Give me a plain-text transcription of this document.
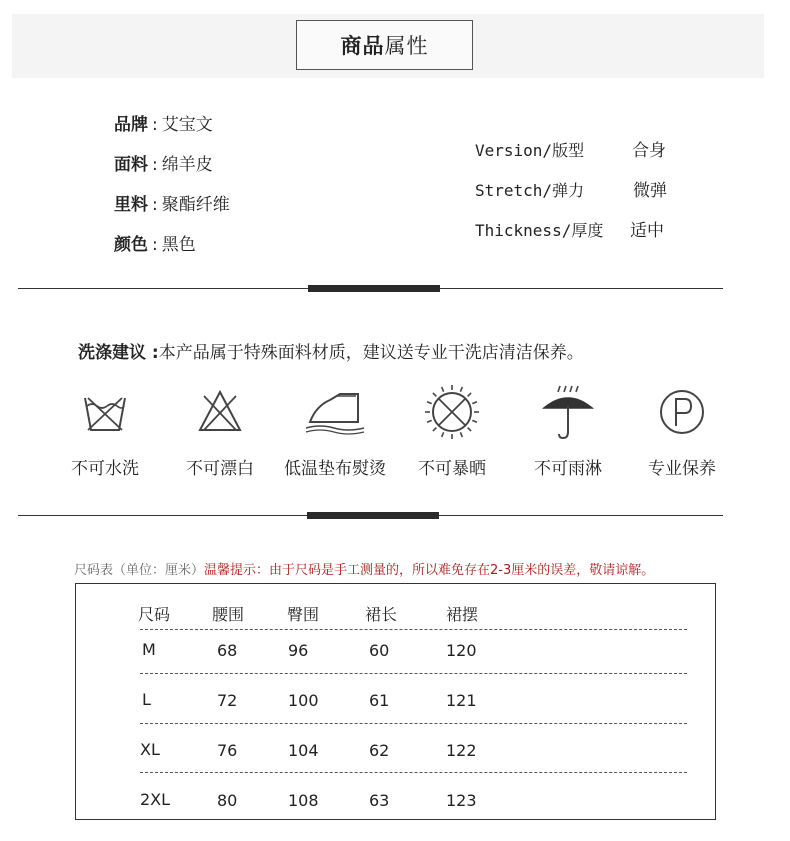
商品 属性
品牌 : 艾宝文
面料 : 绵羊皮
里料 : 聚酯纤维
颜色 : 黑色
Version/版型	合身
Stretch/弹力	微弹
Thickness/厚度 适中
洗涤建议 :本产品属于特殊面料材质，建议送专业干洗店清洁保养。
不可水洗	不可漂白	低温垫布熨烫	不可暴晒	不可雨淋	专业保养
尺码表（单位：厘米）温馨提示：由于尺码是手工测量的，所以难免存在2-3厘米的误差，敬请谅解。
尺码	腰围	臀围	裙长	裙摆
M	68	96	60	120
L	72	100	61	121
XL	76	104	62	122
2XL	80	108	63	123
